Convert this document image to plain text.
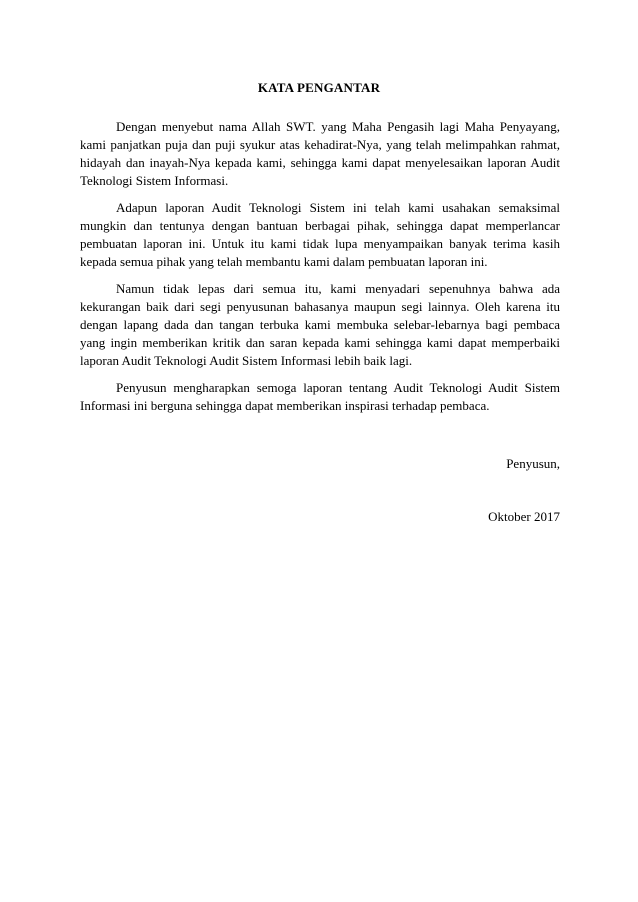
KATA PENGANTAR

Dengan menyebut nama Allah SWT. yang Maha Pengasih lagi Maha Penyayang, kami panjatkan puja dan puji syukur atas kehadirat-Nya, yang telah melimpahkan rahmat, hidayah dan inayah-Nya kepada kami, sehingga kami dapat menyelesaikan laporan Audit Teknologi Sistem Informasi.

Adapun laporan Audit Teknologi Sistem ini telah kami usahakan semaksimal mungkin dan tentunya dengan bantuan berbagai pihak, sehingga dapat memperlancar pembuatan laporan ini. Untuk itu kami tidak lupa menyampaikan banyak terima kasih kepada semua pihak yang telah membantu kami dalam pembuatan laporan ini.

Namun tidak lepas dari semua itu, kami menyadari sepenuhnya bahwa ada kekurangan baik dari segi penyusunan bahasanya maupun segi lainnya. Oleh karena itu dengan lapang dada dan tangan terbuka kami membuka selebar-lebarnya bagi pembaca yang ingin memberikan kritik dan saran kepada kami sehingga kami dapat memperbaiki laporan Audit Teknologi Audit Sistem Informasi lebih baik lagi.

Penyusun mengharapkan semoga laporan tentang Audit Teknologi Audit Sistem Informasi ini berguna sehingga dapat memberikan inspirasi terhadap pembaca.

Penyusun,
Oktober 2017
